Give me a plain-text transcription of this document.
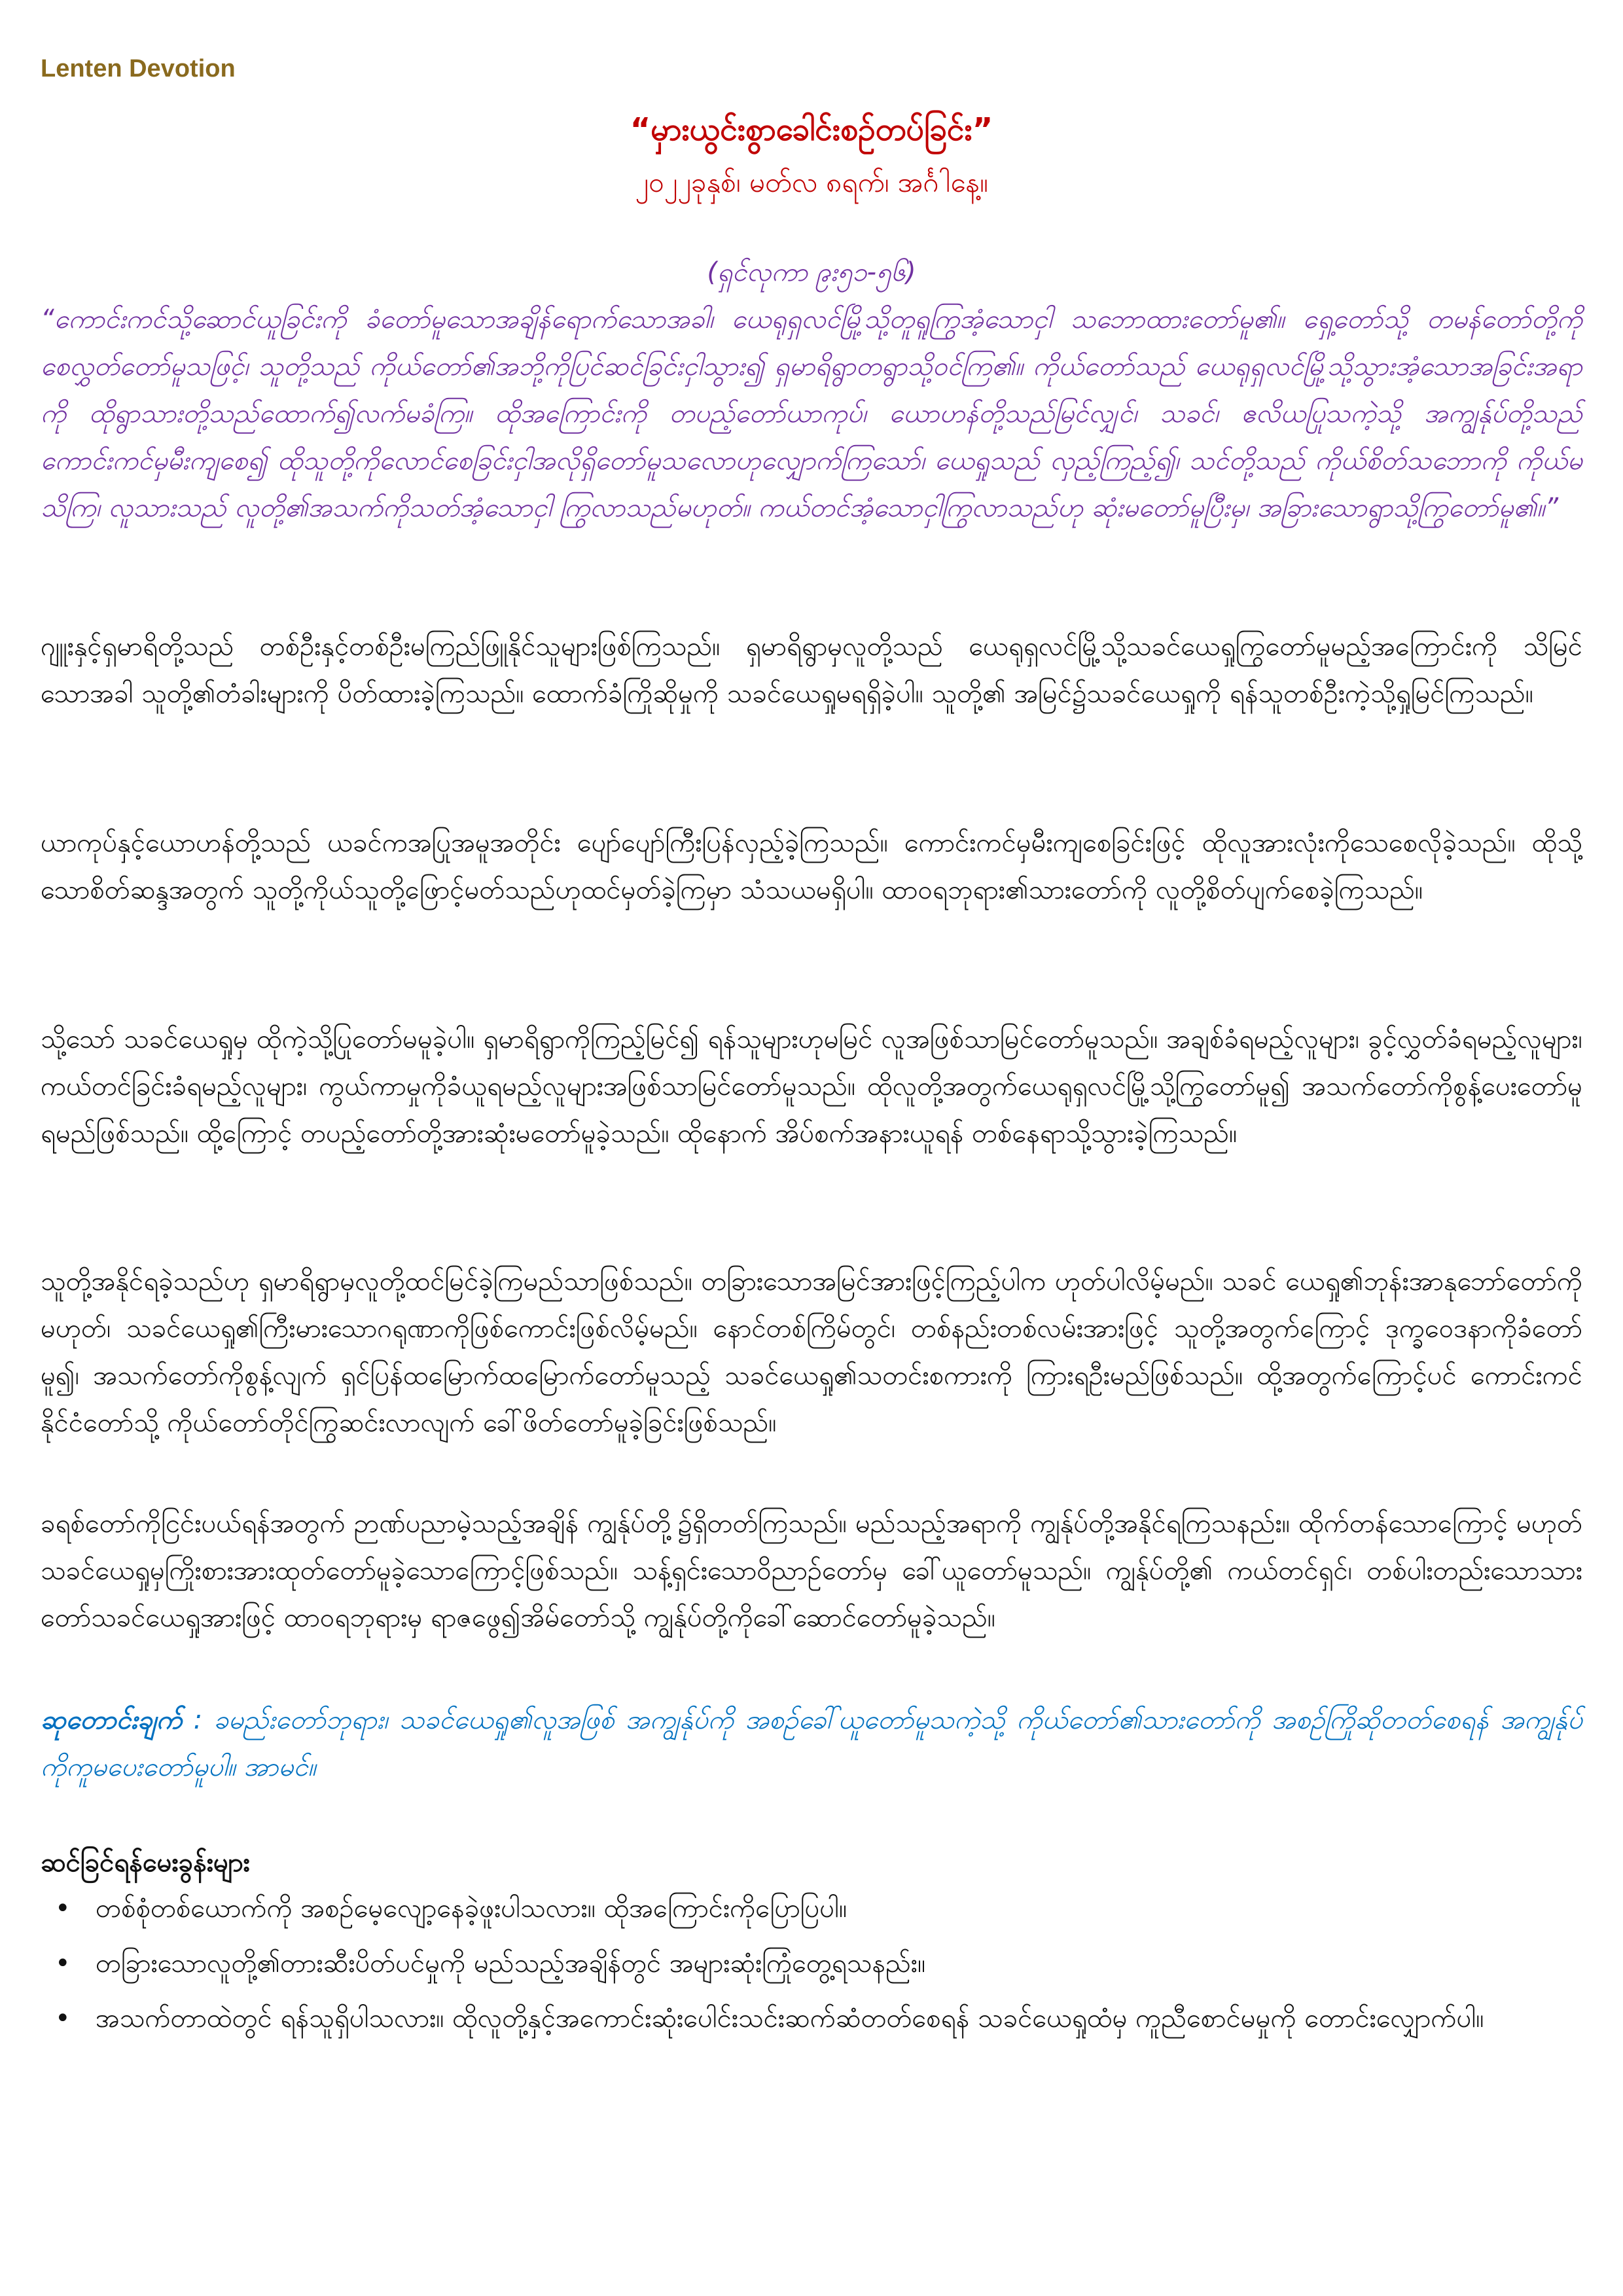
Lenten Devotion
“မှားယွင်းစွာခေါင်းစဉ်တပ်ခြင်း”
၂၀၂၂ခုနှစ်၊ မတ်လ ၈ရက်၊ အင်္ဂါနေ့။
(ရှင်လုကာ ၉း၅၁-၅၆)
“ကောင်းကင်သို့ဆောင်ယူခြင်းကို ခံတော်မူသောအချိန်ရောက်သောအခါ၊ ယေရုရှလင်မြို့သို့တူရူကြွအံ့သောငှါ သဘောထားတော်မူ၏။ ရှေ့တော်သို့ တမန်တော်တို့ကိုစေလွှတ်တော်မူသဖြင့်၊ သူတို့သည် ကိုယ်တော်၏အဘို့ကိုပြင်ဆင်ခြင်းငှါသွား၍ ရှမာရိရွာတရွာသို့ဝင်ကြ၏။ ကိုယ်တော်သည် ယေရုရှလင်မြို့သို့သွားအံ့သောအခြင်းအရာကို ထိုရွာသားတို့သည်ထောက်၍လက်မခံကြ။ ထိုအကြောင်းကို တပည့်တော်ယာကုပ်၊ ယောဟန်တို့သည်မြင်လျှင်၊ သခင်၊ ဧလိယပြုသကဲ့သို့ အကျွန်ုပ်တို့သည် ကောင်းကင်မှမီးကျစေ၍ ထိုသူတို့ကိုလောင်စေခြင်းငှါအလိုရှိတော်မူသလောဟုလျှောက်ကြသော်၊ ယေရှုသည် လှည့်ကြည့်၍၊ သင်တို့သည် ကိုယ်စိတ်သဘောကို ကိုယ်မသိကြ၊ လူသားသည် လူတို့၏အသက်ကိုသတ်အံ့သောငှါ ကြွလာသည်မဟုတ်။ ကယ်တင်အံ့သောငှါကြွလာသည်ဟု ဆုံးမတော်မူပြီးမှ၊ အခြားသောရွာသို့ကြွတော်မူ၏။”
ဂျူးနှင့်ရှမာရိတို့သည် တစ်ဦးနှင့်တစ်ဦးမကြည်ဖြူနိုင်သူများဖြစ်ကြသည်။ ရှမာရိရွာမှလူတို့သည် ယေရုရှလင်မြို့သို့သခင်ယေရှုကြွတော်မူမည့်အကြောင်းကို သိမြင်သောအခါ သူတို့၏တံခါးများကို ပိတ်ထားခဲ့ကြသည်။ ထောက်ခံကြိုဆိုမှုကို သခင်ယေရှုမရရှိခဲ့ပါ။ သူတို့၏ အမြင်၌သခင်ယေရှုကို ရန်သူတစ်ဦးကဲ့သို့ရှုမြင်ကြသည်။
ယာကုပ်နှင့်ယောဟန်တို့သည် ယခင်ကအပြုအမူအတိုင်း ပျော်ပျော်ကြီးပြန်လှည့်ခဲ့ကြသည်။ ကောင်းကင်မှမီးကျစေခြင်းဖြင့် ထိုလူအားလုံးကိုသေစေလိုခဲ့သည်။ ထိုသို့သောစိတ်ဆန္ဒအတွက် သူတို့ကိုယ်သူတို့ဖြောင့်မတ်သည်ဟုထင်မှတ်ခဲ့ကြမှာ သံသယမရှိပါ။ ထာဝရဘုရား၏သားတော်ကို လူတို့စိတ်ပျက်စေခဲ့ကြသည်။
သို့သော် သခင်ယေရှုမှ ထိုကဲ့သို့ပြုတော်မမူခဲ့ပါ။ ရှမာရိရွာကိုကြည့်မြင်၍ ရန်သူများဟုမမြင် လူအဖြစ်သာမြင်တော်မူသည်။ အချစ်ခံရမည့်လူများ၊ ခွင့်လွှတ်ခံရမည့်လူများ၊ ကယ်တင်ခြင်းခံရမည့်လူများ၊ ကွယ်ကာမှုကိုခံယူရမည့်လူများအဖြစ်သာမြင်တော်မူသည်။ ထိုလူတို့အတွက်ယေရုရှလင်မြို့သို့ကြွတော်မူ၍ အသက်တော်ကိုစွန့်ပေးတော်မူရမည်ဖြစ်သည်။ ထို့ကြောင့် တပည့်တော်တို့အားဆုံးမတော်မူခဲ့သည်။ ထိုနောက် အိပ်စက်အနားယူရန် တစ်နေရာသို့သွားခဲ့ကြသည်။
သူတို့အနိုင်ရခဲ့သည်ဟု ရှမာရိရွာမှလူတို့ထင်မြင်ခဲ့ကြမည်သာဖြစ်သည်။ တခြားသောအမြင်အားဖြင့်ကြည့်ပါက ဟုတ်ပါလိမ့်မည်။ သခင် ယေရှု၏ဘုန်းအာနုဘော်တော်ကိုမဟုတ်၊ သခင်ယေရှု၏ကြီးမားသောဂရုဏာကိုဖြစ်ကောင်းဖြစ်လိမ့်မည်။ နောင်တစ်ကြိမ်တွင်၊ တစ်နည်းတစ်လမ်းအားဖြင့် သူတို့အတွက်ကြောင့် ဒုက္ခဝေဒနာကိုခံတော်မူ၍၊ အသက်တော်ကိုစွန့်လျက် ရှင်ပြန်ထမြောက်ထမြောက်တော်မူသည့် သခင်ယေရှု၏သတင်းစကားကို ကြားရဦးမည်ဖြစ်သည်။ ထို့အတွက်ကြောင့်ပင် ကောင်းကင်နိုင်ငံတော်သို့ ကိုယ်တော်တိုင်ကြွဆင်းလာလျက် ခေါ်ဖိတ်တော်မူခဲ့ခြင်းဖြစ်သည်။
ခရစ်တော်ကိုငြင်းပယ်ရန်အတွက် ဉာဏ်ပညာမဲ့သည့်အချိန် ကျွန်ုပ်တို့၌ရှိတတ်ကြသည်။ မည်သည့်အရာကို ကျွန်ုပ်တို့အနိုင်ရကြသနည်း။ ထိုက်တန်သောကြောင့် မဟုတ် သခင်ယေရှုမှကြိုးစားအားထုတ်တော်မူခဲ့သောကြောင့်ဖြစ်သည်။ သန့်ရှင်းသောဝိညာဉ်တော်မှ ခေါ်ယူတော်မူသည်။ ကျွန်ုပ်တို့၏ ကယ်တင်ရှင်၊ တစ်ပါးတည်းသောသားတော်သခင်ယေရှုအားဖြင့် ထာဝရဘုရားမှ ရာဇဖွေ၍အိမ်တော်သို့ ကျွန်ုပ်တို့ကိုခေါ်ဆောင်တော်မူခဲ့သည်။
ဆုတောင်းချက် : ခမည်းတော်ဘုရား၊ သခင်ယေရှု၏လူအဖြစ် အကျွန်ုပ်ကို အစဉ်ခေါ်ယူတော်မူသကဲ့သို့ ကိုယ်တော်၏သားတော်ကို အစဉ်ကြိုဆိုတတ်စေရန် အကျွန်ုပ်ကိုကူမပေးတော်မူပါ။ အာမင်။
ဆင်ခြင်ရန်မေးခွန်းများ
• တစ်စုံတစ်ယောက်ကို အစဉ်မေ့လျော့နေခဲ့ဖူးပါသလား။ ထိုအကြောင်းကိုပြောပြပါ။
• တခြားသောလူတို့၏တားဆီးပိတ်ပင်မှုကို မည်သည့်အချိန်တွင် အများဆုံးကြုံတွေ့ရသနည်း။
• အသက်တာထဲတွင် ရန်သူရှိပါသလား။ ထိုလူတို့နှင့်အကောင်းဆုံးပေါင်းသင်းဆက်ဆံတတ်စေရန် သခင်ယေရှုထံမှ ကူညီစောင်မမှုကို တောင်းလျှောက်ပါ။
